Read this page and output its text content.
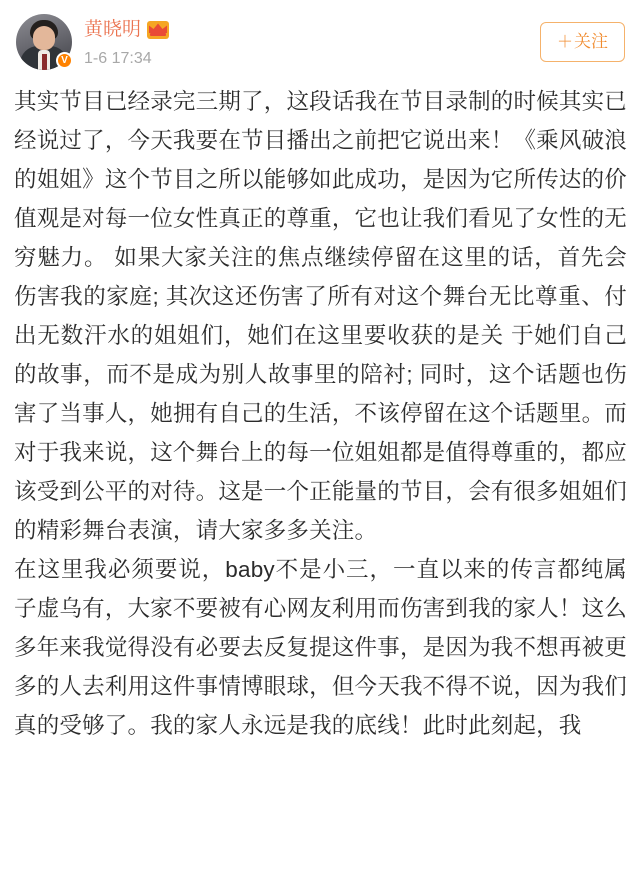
V
黄晓明
1-6 17:34
＋关注

其实节目已经录完三期了，这段话我在节目录制的时候其实已经说过了，今天我要在节目播出之前把它说出来！《乘风破浪的姐姐》这个节目之所以能够如此成功，是因为它所传达的价值观是对每一位女性真正的尊重，它也让我们看见了女性的无穷魅力。 如果大家关注的焦点继续停留在这里的话，首先会伤害我的家庭; 其次这还伤害了所有对这个舞台无比尊重、付出无数汗水的姐姐们，她们在这里要收获的是关 于她们自己的故事，而不是成为别人故事里的陪衬; 同时，这个话题也伤害了当事人，她拥有自己的生活，不该停留在这个话题里。而对于我来说，这个舞台上的每一位姐姐都是值得尊重的，都应该受到公平的对待。这是一个正能量的节目，会有很多姐姐们的精彩舞台表演，请大家多多关注。

在这里我必须要说，baby不是小三，一直以来的传言都纯属子虚乌有，大家不要被有心网友利用而伤害到我的家人！这么多年来我觉得没有必要去反复提这件事，是因为我不想再被更多的人去利用这件事情博眼球，但今天我不得不说，因为我们真的受够了。我的家人永远是我的底线！此时此刻起，我
